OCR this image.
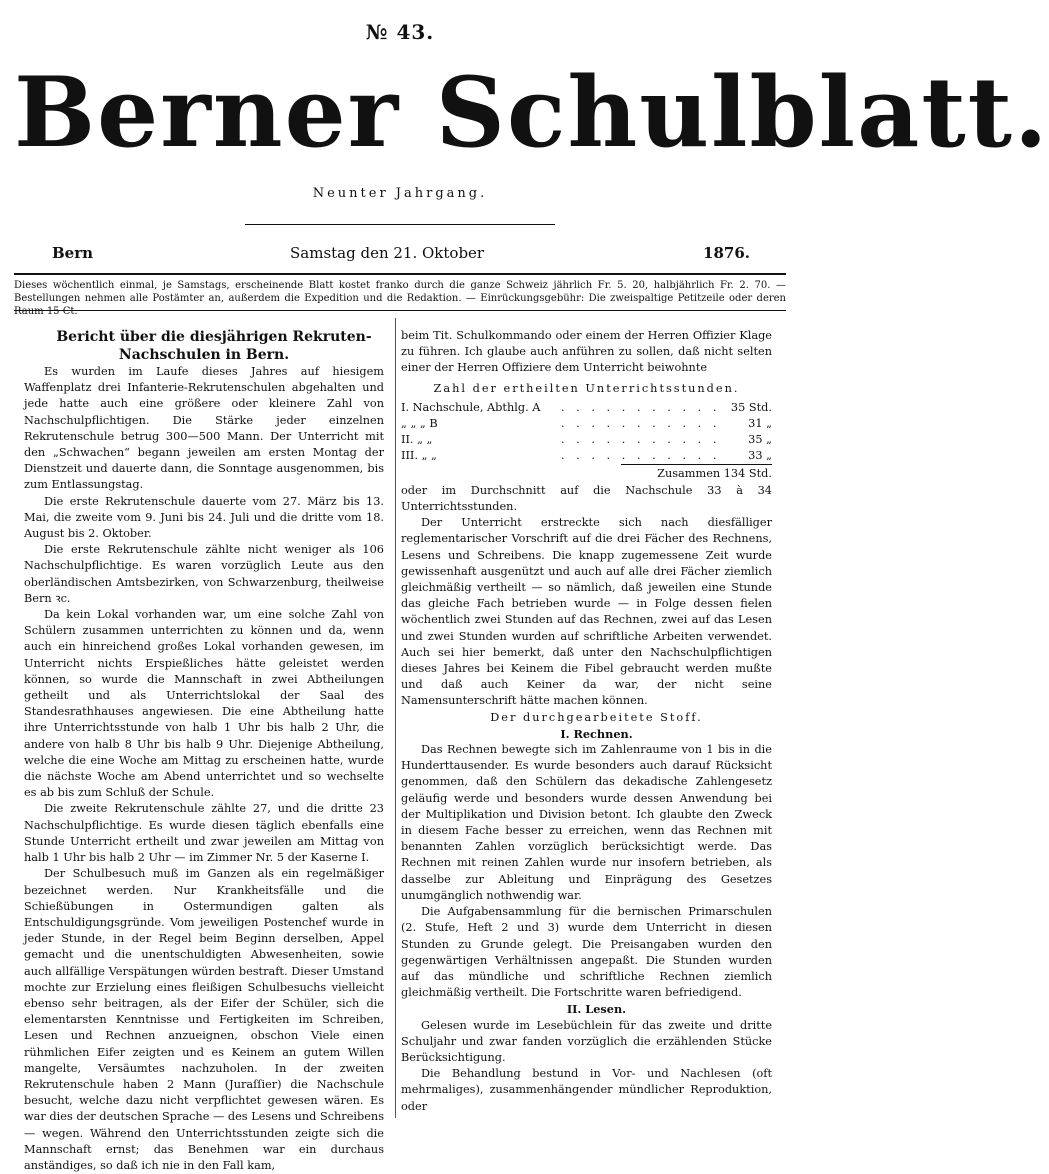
№ 43.
Berner Schulblatt.
Neunter Jahrgang.
Bern	Samstag den 21. Oktober	1876.
Dieses wöchentlich einmal, je Samstags, erscheinende Blatt kostet franko durch die ganze Schweiz jährlich Fr. 5. 20, halbjährlich Fr. 2. 70. — Bestellungen nehmen alle Postämter an, außerdem die Expedition und die Redaktion. — Einrückungsgebühr: Die zweispaltige Petitzeile oder deren Raum 15 Ct.

Bericht über die diesjährigen Rekruten-Nachschulen in Bern.

Es wurden im Laufe dieses Jahres auf hiesigem Waffenplatz drei Infanterie-Rekrutenschulen abgehalten und jede hatte auch eine größere oder kleinere Zahl von Nachschulpflichtigen. Die Stärke jeder einzelnen Rekrutenschule betrug 300—500 Mann. Der Unterricht mit den „Schwachen“ begann jeweilen am ersten Montag der Dienstzeit und dauerte dann, die Sonntage ausgenommen, bis zum Entlassungstag.

Die erste Rekrutenschule dauerte vom 27. März bis 13. Mai, die zweite vom 9. Juni bis 24. Juli und die dritte vom 18. August bis 2. Oktober.

Die erste Rekrutenschule zählte nicht weniger als 106 Nachschulpflichtige. Es waren vorzüglich Leute aus den oberländischen Amtsbezirken, von Schwarzenburg, theilweise Bern ꝛc.

Da kein Lokal vorhanden war, um eine solche Zahl von Schülern zusammen unterrichten zu können und da, wenn auch ein hinreichend großes Lokal vorhanden gewesen, im Unterricht nichts Erspießliches hätte geleistet werden können, so wurde die Mannschaft in zwei Abtheilungen getheilt und als Unterrichtslokal der Saal des Standesrathhauses angewiesen. Die eine Abtheilung hatte ihre Unterrichtsstunde von halb 1 Uhr bis halb 2 Uhr, die andere von halb 8 Uhr bis halb 9 Uhr. Diejenige Abtheilung, welche die eine Woche am Mittag zu erscheinen hatte, wurde die nächste Woche am Abend unterrichtet und so wechselte es ab bis zum Schluß der Schule.

Die zweite Rekrutenschule zählte 27, und die dritte 23 Nachschulpflichtige. Es wurde diesen täglich ebenfalls eine Stunde Unterricht ertheilt und zwar jeweilen am Mittag von halb 1 Uhr bis halb 2 Uhr — im Zimmer Nr. 5 der Kaserne I.

Der Schulbesuch muß im Ganzen als ein regelmäßiger bezeichnet werden. Nur Krankheitsfälle und die Schießübungen in Ostermundigen galten als Entschuldigungsgründe. Vom jeweiligen Postenchef wurde in jeder Stunde, in der Regel beim Beginn derselben, Appel gemacht und die unentschuldigten Abwesenheiten, sowie auch allfällige Verspätungen würden bestraft. Dieser Umstand mochte zur Erzielung eines fleißigen Schulbesuchs vielleicht ebenso sehr beitragen, als der Eifer der Schüler, sich die elementarsten Kenntnisse und Fertigkeiten im Schreiben, Lesen und Rechnen anzueignen, obschon Viele einen rühmlichen Eifer zeigten und es Keinem an gutem Willen mangelte, Versäumtes nachzuholen. In der zweiten Rekrutenschule haben 2 Mann (Juraſſier) die Nachschule besucht, welche dazu nicht verpflichtet gewesen wären. Es war dies der deutschen Sprache — des Lesens und Schreibens — wegen. Während den Unterrichtsstunden zeigte sich die Mannschaft ernst; das Benehmen war ein durchaus anständiges, so daß ich nie in den Fall kam,

beim Tit. Schulkommando oder einem der Herren Offizier Klage zu führen. Ich glaube auch anführen zu sollen, daß nicht selten einer der Herren Offiziere dem Unterricht beiwohnte

Zahl der ertheilten Unterrichtsstunden.
I. Nachschule, Abthlg. A . . . . . . . . . . . 35 Std.
„ „ „ B	. . . . . . . . . . . 31 „
II. „ „	. . . . . . . . . . . 35 „
III. „ „	. . . . . . . . . . . 33 „
Zusammen 134 Std.

oder im Durchschnitt auf die Nachschule 33 à 34 Unterrichtsstunden.

Der Unterricht erstreckte sich nach diesfälliger reglementarischer Vorschrift auf die drei Fächer des Rechnens, Lesens und Schreibens. Die knapp zugemessene Zeit wurde gewissenhaft ausgenützt und auch auf alle drei Fächer ziemlich gleichmäßig vertheilt — so nämlich, daß jeweilen eine Stunde das gleiche Fach betrieben wurde — in Folge dessen fielen wöchentlich zwei Stunden auf das Rechnen, zwei auf das Lesen und zwei Stunden wurden auf schriftliche Arbeiten verwendet. Auch sei hier bemerkt, daß unter den Nachschulpflichtigen dieses Jahres bei Keinem die Fibel gebraucht werden mußte und daß auch Keiner da war, der nicht seine Namensunterschrift hätte machen können.

Der durchgearbeitete Stoff.

I. Rechnen.

Das Rechnen bewegte sich im Zahlenraume von 1 bis in die Hunderttausender. Es wurde besonders auch darauf Rücksicht genommen, daß den Schülern das dekadische Zahlengesetz geläufig werde und besonders wurde dessen Anwendung bei der Multiplikation und Division betont. Ich glaubte den Zweck in diesem Fache besser zu erreichen, wenn das Rechnen mit benannten Zahlen vorzüglich berücksichtigt werde. Das Rechnen mit reinen Zahlen wurde nur insofern betrieben, als dasselbe zur Ableitung und Einprägung des Gesetzes unumgänglich nothwendig war.

Die Aufgabensammlung für die bernischen Primarschulen (2. Stufe, Heft 2 und 3) wurde dem Unterricht in diesen Stunden zu Grunde gelegt. Die Preisangaben wurden den gegenwärtigen Verhältnissen angepaßt. Die Stunden wurden auf das mündliche und schriftliche Rechnen ziemlich gleichmäßig vertheilt. Die Fortschritte waren befriedigend.

II. Lesen.

Gelesen wurde im Lesebüchlein für das zweite und dritte Schuljahr und zwar fanden vorzüglich die erzählenden Stücke Berücksichtigung.

Die Behandlung bestund in Vor- und Nachlesen (oft mehrmaliges), zusammenhängender mündlicher Reproduktion, oder
